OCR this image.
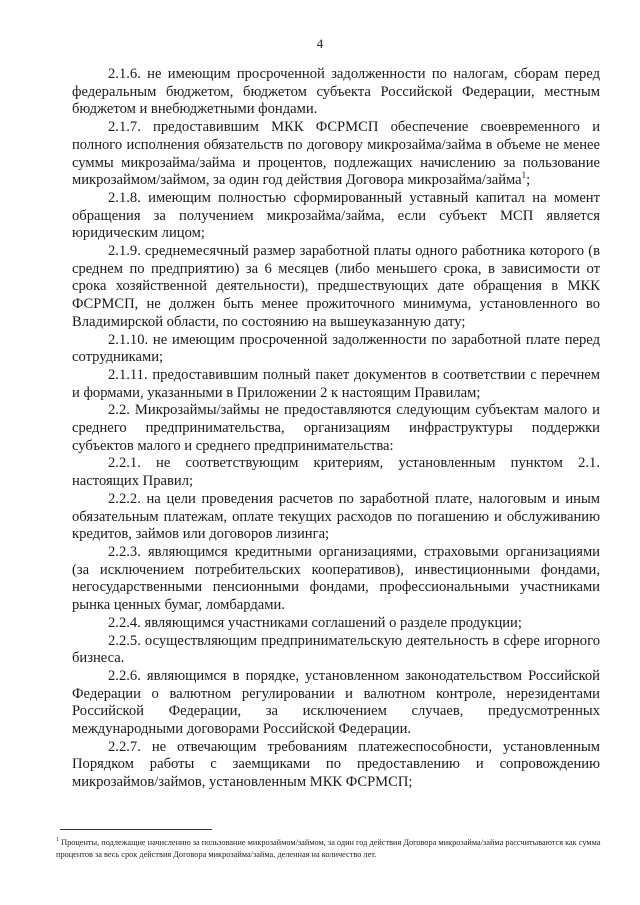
4

2.1.6. не имеющим просроченной задолженности по налогам, сборам перед федеральным бюджетом, бюджетом субъекта Российской Федерации, местным бюджетом и внебюджетными фондами.

2.1.7. предоставившим МКК ФСРМСП обеспечение своевременного и полного исполнения обязательств по договору микрозайма/займа в объеме не менее суммы микрозайма/займа и процентов, подлежащих начислению за пользование микрозаймом/займом, за один год действия Договора микрозайма/займа$^1$;

2.1.8. имеющим полностью сформированный уставный капитал на момент обращения за получением микрозайма/займа, если субъект МСП является юридическим лицом;

2.1.9. среднемесячный размер заработной платы одного работника которого (в среднем по предприятию) за 6 месяцев (либо меньшего срока, в зависимости от срока хозяйственной деятельности), предшествующих дате обращения в МКК ФСРМСП, не должен быть менее прожиточного минимума, установленного во Владимирской области, по состоянию на вышеуказанную дату;

2.1.10. не имеющим просроченной задолженности по заработной плате перед сотрудниками;

2.1.11. предоставившим полный пакет документов в соответствии с перечнем и формами, указанными в Приложении 2 к настоящим Правилам;

2.2. Микрозаймы/займы не предоставляются следующим субъектам малого и среднего предпринимательства, организациям инфраструктуры поддержки субъектов малого и среднего предпринимательства:

2.2.1. не соответствующим критериям, установленным пунктом 2.1. настоящих Правил;

2.2.2. на цели проведения расчетов по заработной плате, налоговым и иным обязательным платежам, оплате текущих расходов по погашению и обслуживанию кредитов, займов или договоров лизинга;

2.2.3. являющимся кредитными организациями, страховыми организациями (за исключением потребительских кооперативов), инвестиционными фондами, негосударственными пенсионными фондами, профессиональными участниками рынка ценных бумаг, ломбардами.

2.2.4. являющимся участниками соглашений о разделе продукции;

2.2.5. осуществляющим предпринимательскую деятельность в сфере игорного бизнеса.

2.2.6. являющимся в порядке, установленном законодательством Российской Федерации о валютном регулировании и валютном контроле, нерезидентами Российской Федерации, за исключением случаев, предусмотренных международными договорами Российской Федерации.

2.2.7. не отвечающим требованиям платежеспособности, установленным Порядком работы с заемщиками по предоставлению и сопровождению микрозаймов/займов, установленным МКК ФСРМСП;

$^1$ Проценты, подлежащие начислению за пользование микрозаймом/займом, за один год действия Договора микрозайма/займа рассчитываются как сумма процентов за весь срок действия Договора микрозайма/займа, деленная на количество лет.
